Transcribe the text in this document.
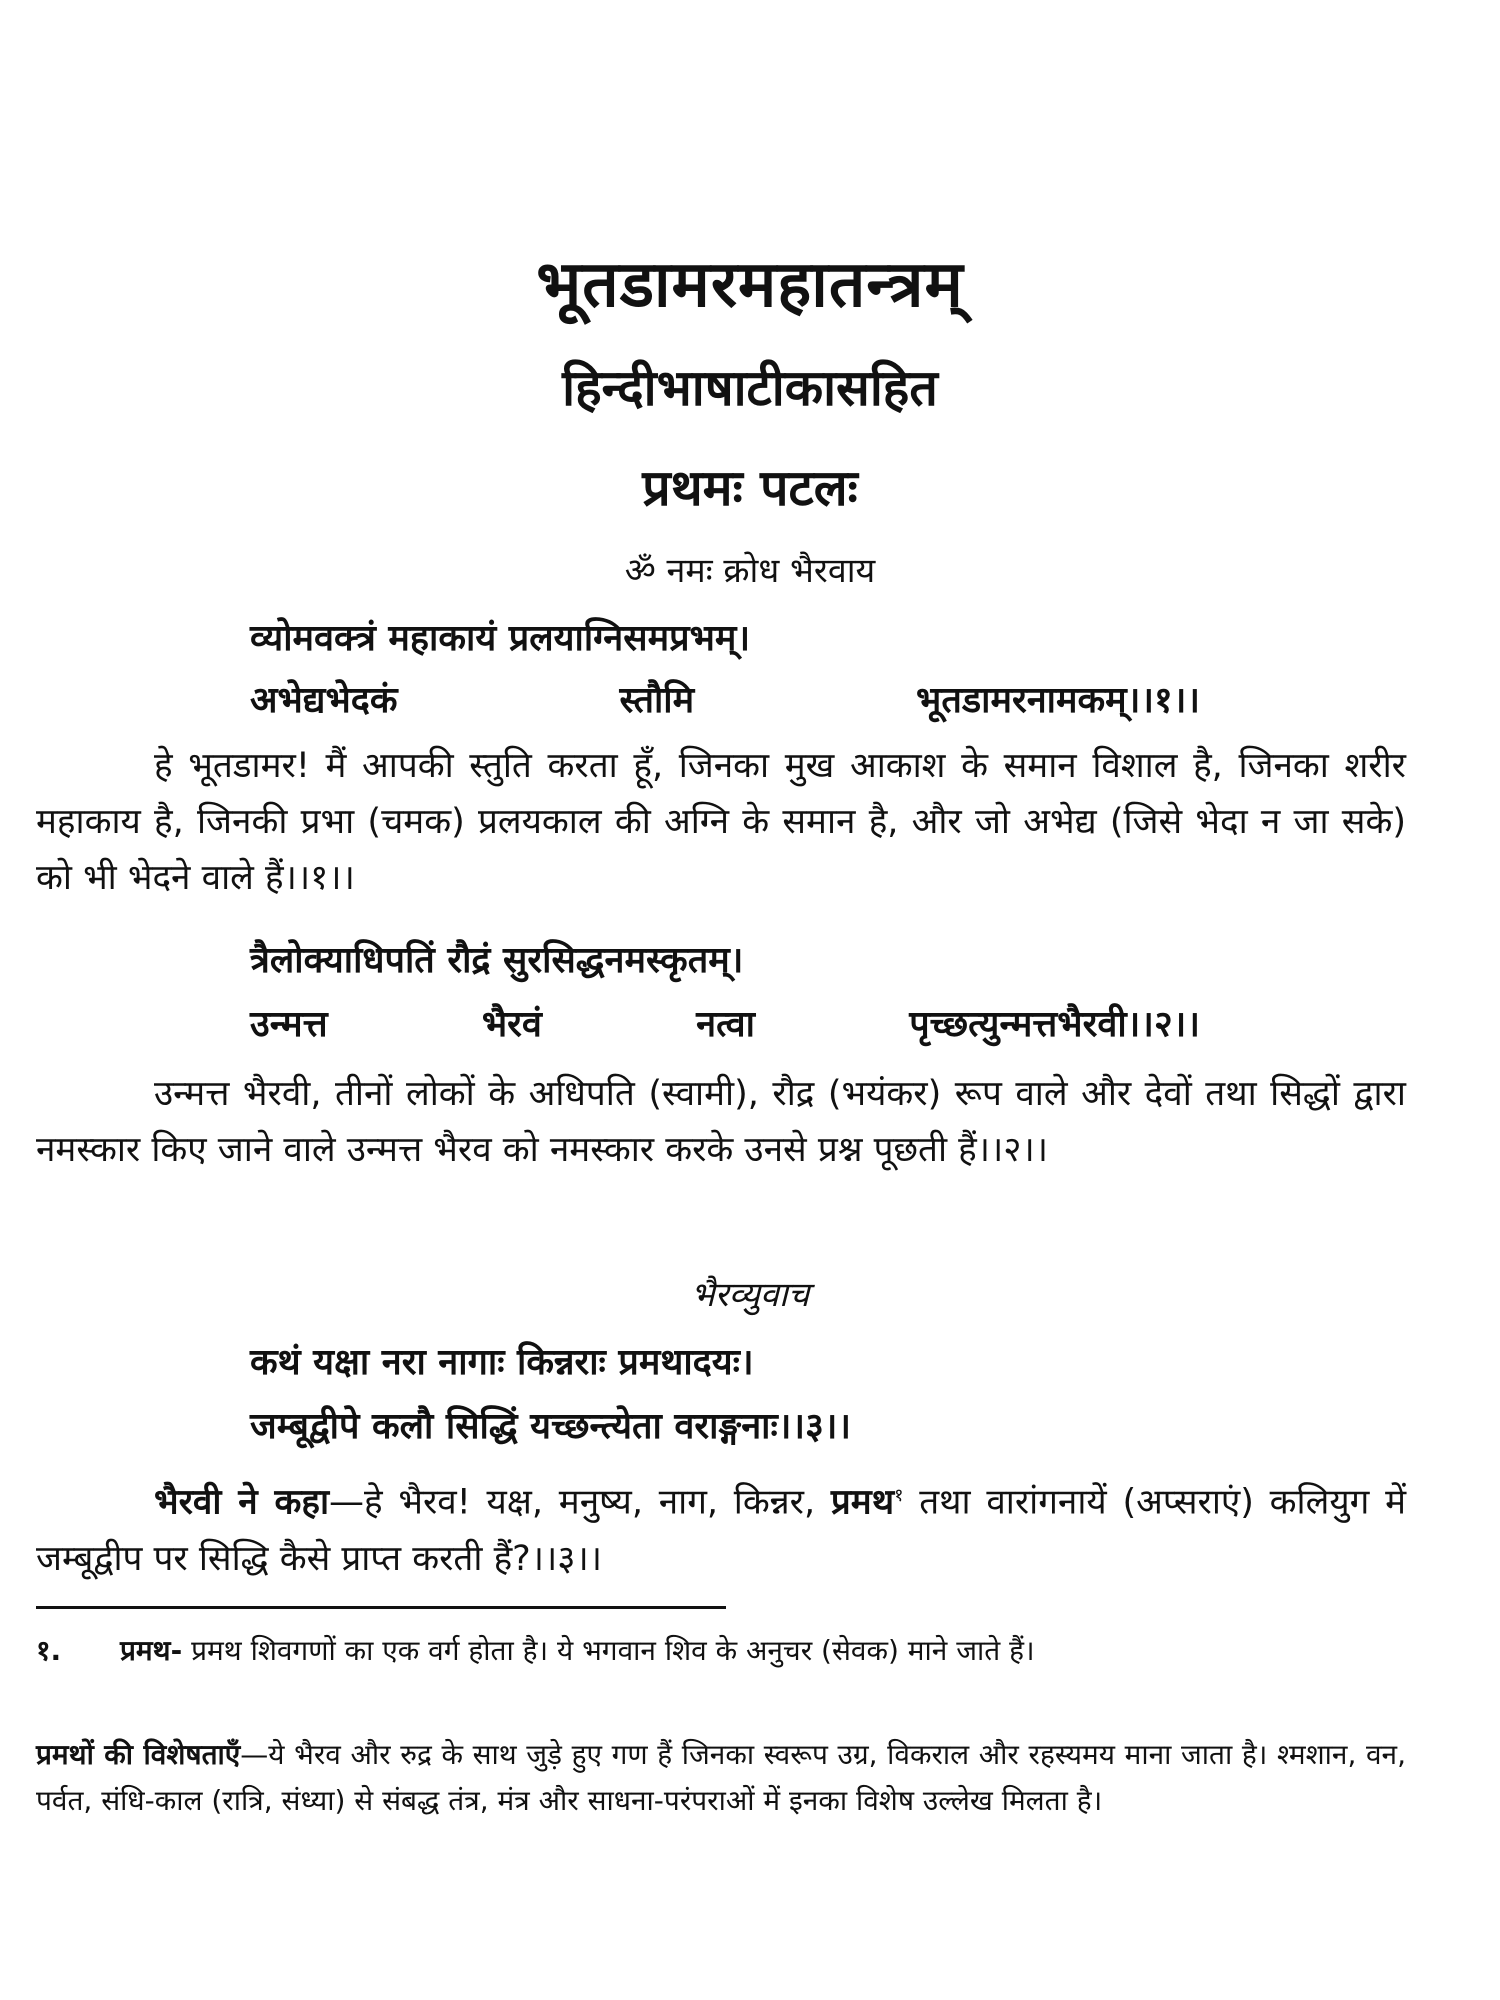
भूतडामरमहातन्त्रम्
हिन्दीभाषाटीकासहित
प्रथमः पटलः
ॐ नमः क्रोध भैरवाय
व्योमवक्त्रं महाकायं प्रलयाग्निसमप्रभम्।
अभेद्यभेदकं	स्तौमि	भूतडामरनामकम्।।१।।
हे भूतडामर! मैं आपकी स्तुति करता हूँ, जिनका मुख आकाश के समान विशाल है, जिनका शरीर महाकाय है, जिनकी प्रभा (चमक) प्रलयकाल की अग्नि के समान है, और जो अभेद्य (जिसे भेदा न जा सके) को भी भेदने वाले हैं।।१।।
त्रैलोक्याधिपतिं रौद्रं सुरसिद्धनमस्कृतम्।
उन्मत्त	भैरवं	नत्वा	पृच्छत्युन्मत्तभैरवी।।२।।
उन्मत्त भैरवी, तीनों लोकों के अधिपति (स्वामी), रौद्र (भयंकर) रूप वाले और देवों तथा सिद्धों द्वारा नमस्कार किए जाने वाले उन्मत्त भैरव को नमस्कार करके उनसे प्रश्न पूछती हैं।।२।।
भैरव्युवाच
कथं यक्षा नरा नागाः किन्नराः प्रमथादयः।
जम्बूद्वीपे कलौ सिद्धिं यच्छन्त्येता वराङ्गनाः।।३।।
भैरवी ने कहा—हे भैरव! यक्ष, मनुष्य, नाग, किन्नर, प्रमथ$^१$ तथा वारांगनायें (अप्सराएं) कलियुग में जम्बूद्वीप पर सिद्धि कैसे प्राप्त करती हैं?।।३।।
१. प्रमथ- प्रमथ शिवगणों का एक वर्ग होता है। ये भगवान शिव के अनुचर (सेवक) माने जाते हैं।
प्रमथों की विशेषताएँ—ये भैरव और रुद्र के साथ जुड़े हुए गण हैं जिनका स्वरूप उग्र, विकराल और रहस्यमय माना जाता है। श्मशान, वन, पर्वत, संधि-काल (रात्रि, संध्या) से संबद्ध तंत्र, मंत्र और साधना-परंपराओं में इनका विशेष उल्लेख मिलता है।
